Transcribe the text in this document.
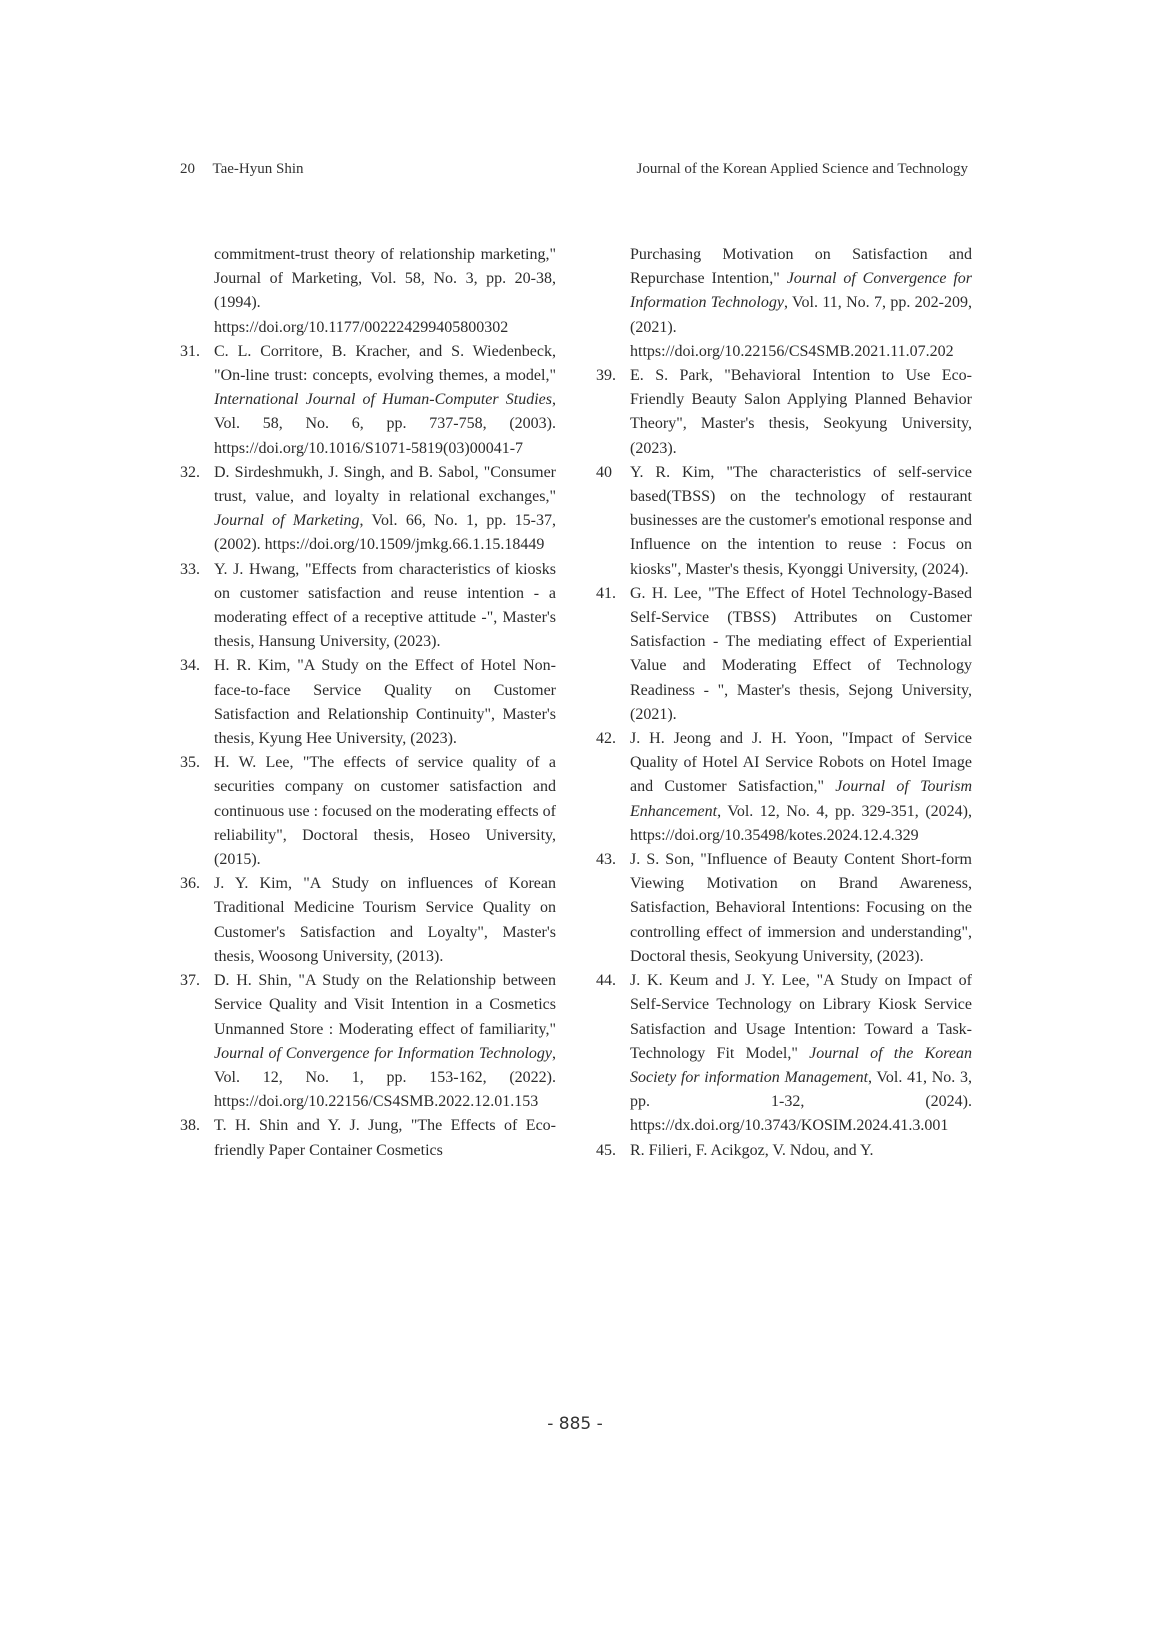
20 Tae-Hyun Shin	Journal of the Korean Applied Science and Technology

commitment-trust theory of relationship marketing," Journal of Marketing, Vol. 58, No. 3, pp. 20-38, (1994). https://doi.org/10.1177/002224299405800302

31. C. L. Corritore, B. Kracher, and S. Wiedenbeck, "On-line trust: concepts, evolving themes, a model," International Journal of Human-Computer Studies, Vol. 58, No. 6, pp. 737-758, (2003). https://doi.org/10.1016/S1071-5819(03)00041-7

32. D. Sirdeshmukh, J. Singh, and B. Sabol, "Consumer trust, value, and loyalty in relational exchanges," Journal of Marketing, Vol. 66, No. 1, pp. 15-37, (2002). https://doi.org/10.1509/jmkg.66.1.15.18449

33. Y. J. Hwang, "Effects from characteristics of kiosks on customer satisfaction and reuse intention - a moderating effect of a receptive attitude -", Master's thesis, Hansung University, (2023).

34. H. R. Kim, "A Study on the Effect of Hotel Non-face-to-face Service Quality on Customer Satisfaction and Relationship Continuity", Master's thesis, Kyung Hee University, (2023).

35. H. W. Lee, "The effects of service quality of a securities company on customer satisfaction and continuous use : focused on the moderating effects of reliability", Doctoral thesis, Hoseo University, (2015).

36. J. Y. Kim, "A Study on influences of Korean Traditional Medicine Tourism Service Quality on Customer's Satisfaction and Loyalty", Master's thesis, Woosong University, (2013).

37. D. H. Shin, "A Study on the Relationship between Service Quality and Visit Intention in a Cosmetics Unmanned Store : Moderating effect of familiarity," Journal of Convergence for Information Technology, Vol. 12, No. 1, pp. 153-162, (2022). https://doi.org/10.22156/CS4SMB.2022.12.01.153

38. T. H. Shin and Y. J. Jung, "The Effects of Eco-friendly Paper Container Cosmetics

Purchasing Motivation on Satisfaction and Repurchase Intention," Journal of Convergence for Information Technology, Vol. 11, No. 7, pp. 202-209, (2021). https://doi.org/10.22156/CS4SMB.2021.11.07.202

39. E. S. Park, "Behavioral Intention to Use Eco-Friendly Beauty Salon Applying Planned Behavior Theory", Master's thesis, Seokyung University, (2023).

40 Y. R. Kim, "The characteristics of self-service based(TBSS) on the technology of restaurant businesses are the customer's emotional response and Influence on the intention to reuse : Focus on kiosks", Master's thesis, Kyonggi University, (2024).

41. G. H. Lee, "The Effect of Hotel Technology-Based Self-Service (TBSS) Attributes on Customer Satisfaction - The mediating effect of Experiential Value and Moderating Effect of Technology Readiness - ", Master's thesis, Sejong University, (2021).

42. J. H. Jeong and J. H. Yoon, "Impact of Service Quality of Hotel AI Service Robots on Hotel Image and Customer Satisfaction," Journal of Tourism Enhancement, Vol. 12, No. 4, pp. 329-351, (2024), https://doi.org/10.35498/kotes.2024.12.4.329

43. J. S. Son, "Influence of Beauty Content Short-form Viewing Motivation on Brand Awareness, Satisfaction, Behavioral Intentions: Focusing on the controlling effect of immersion and understanding", Doctoral thesis, Seokyung University, (2023).

44. J. K. Keum and J. Y. Lee, "A Study on Impact of Self-Service Technology on Library Kiosk Service Satisfaction and Usage Intention: Toward a Task-Technology Fit Model," Journal of the Korean Society for information Management, Vol. 41, No. 3, pp. 1-32, (2024). https://dx.doi.org/10.3743/KOSIM.2024.41.3.001

45. R. Filieri, F. Acikgoz, V. Ndou, and Y.

- 885 -
